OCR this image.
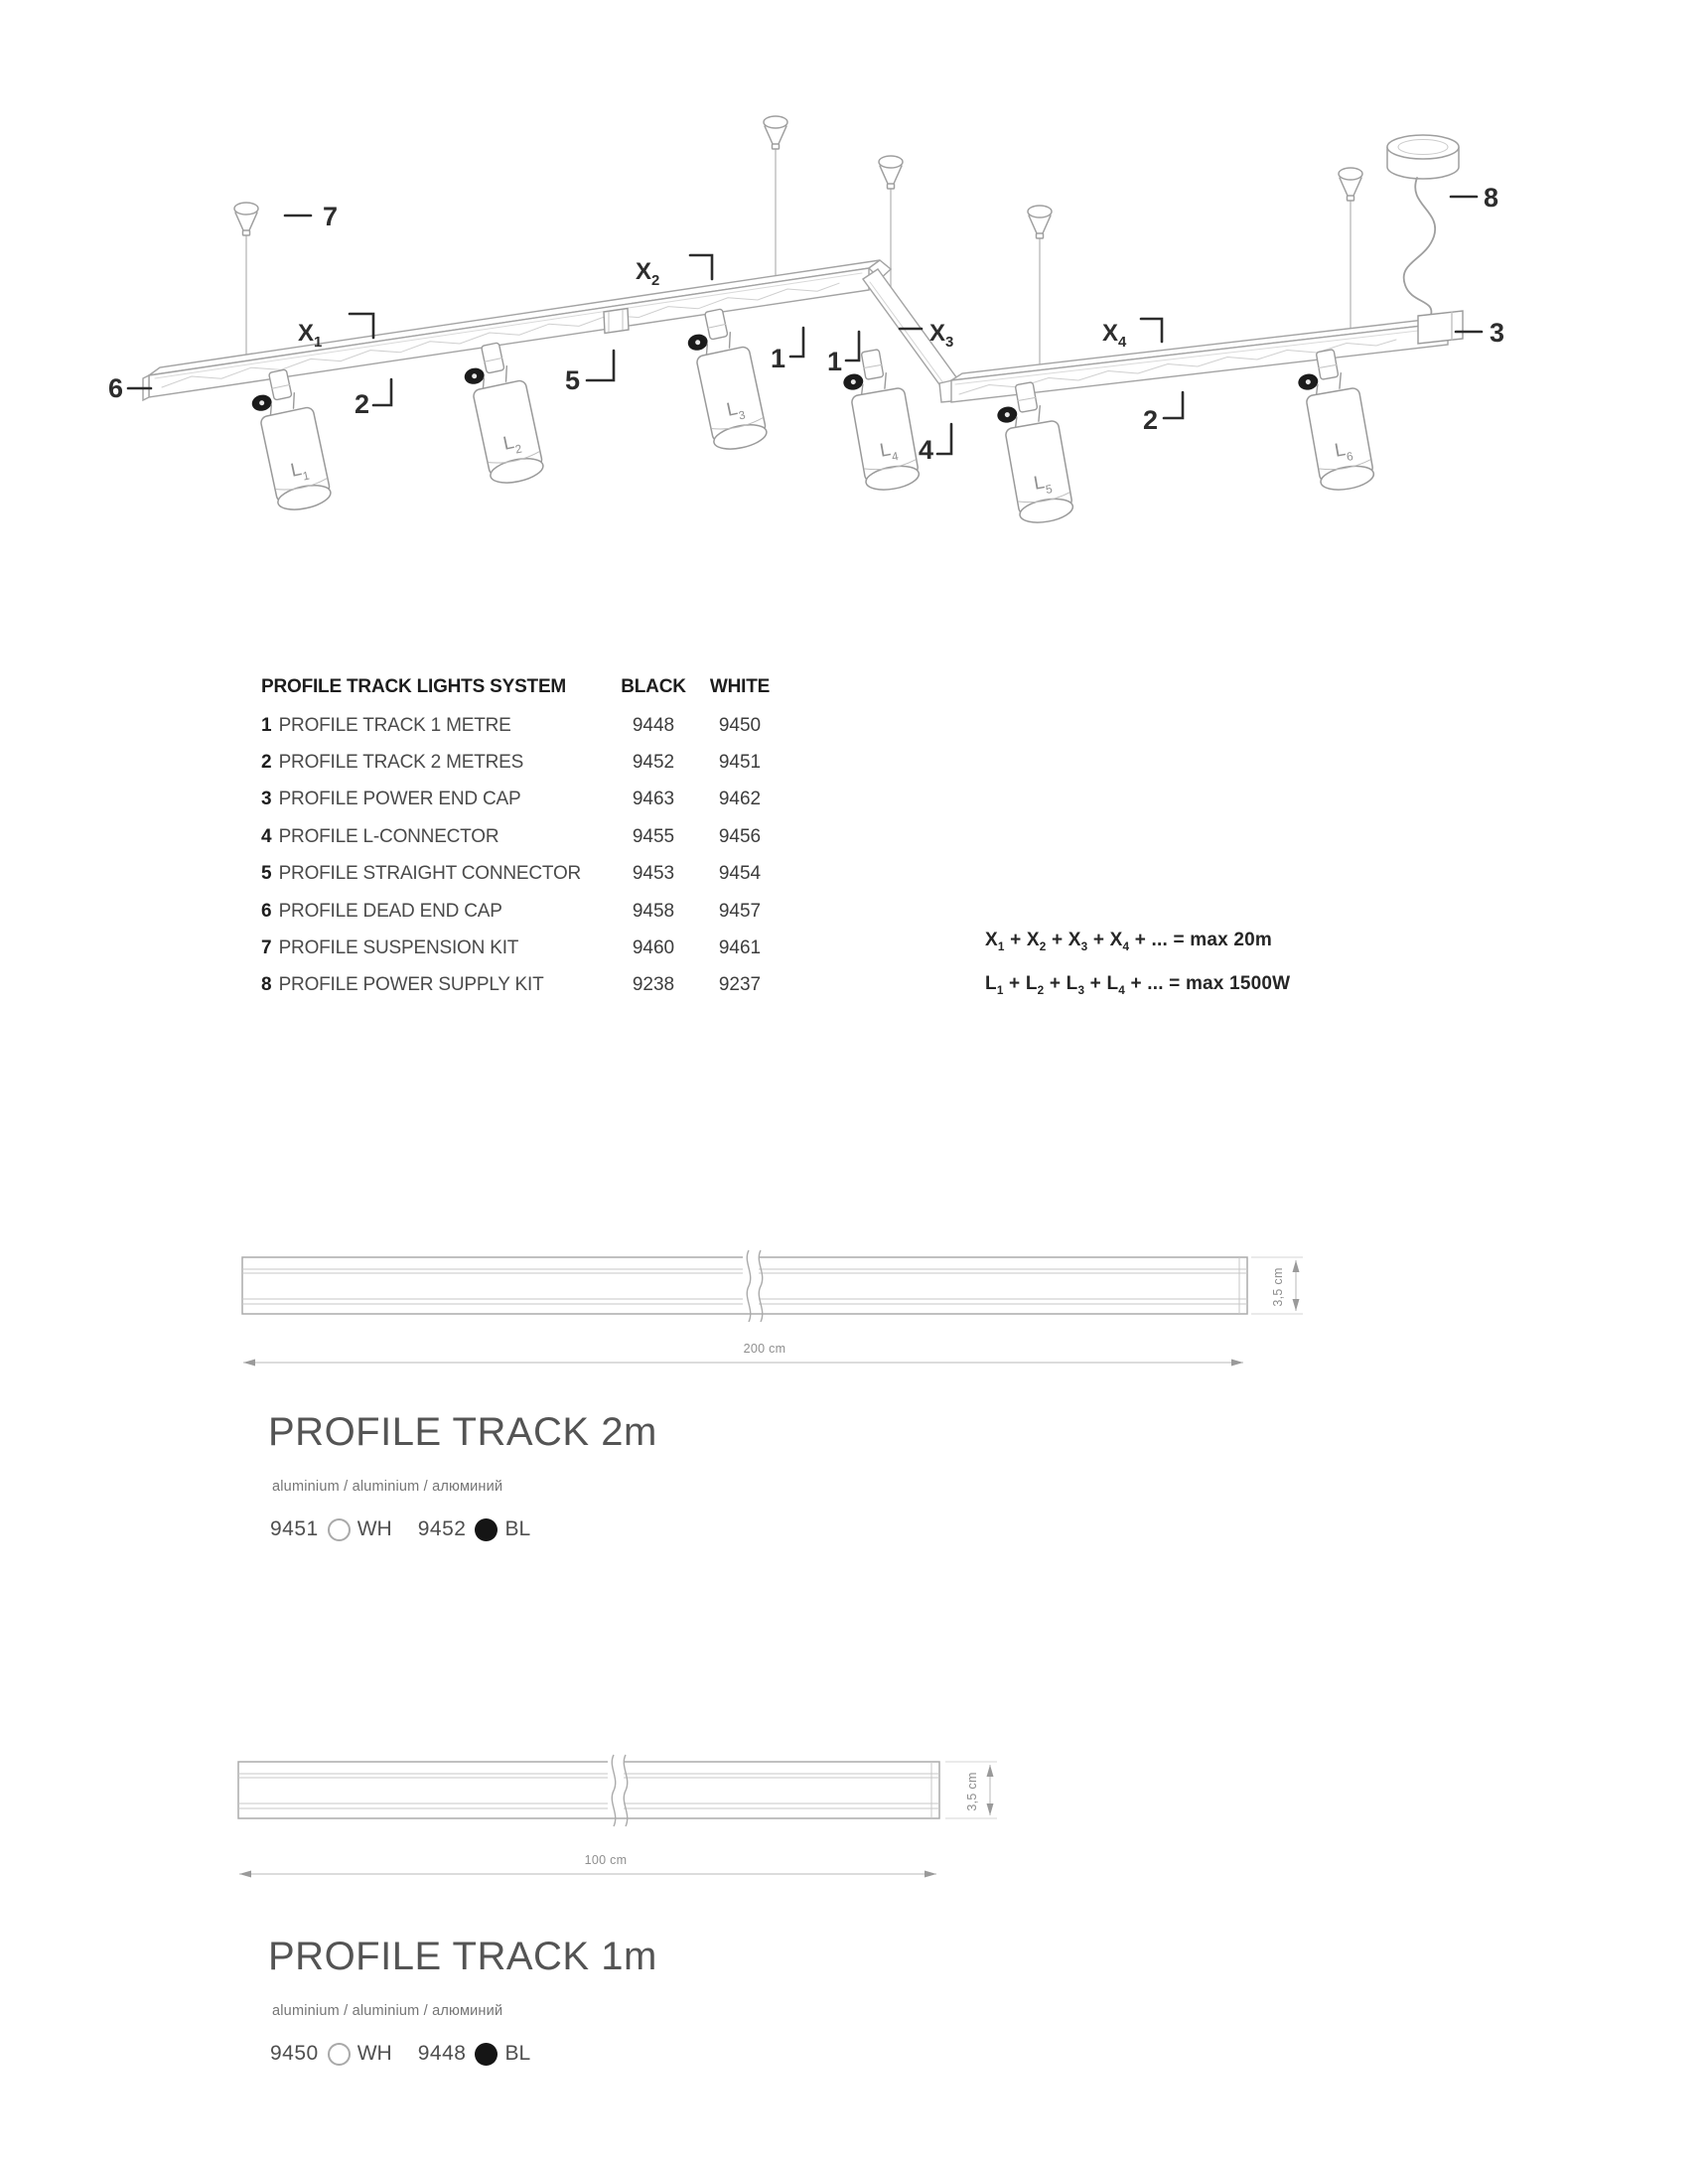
$L_1$
$L_2$
$L_3$
$L_4$
$L_5$
$L_6$
6
7
$X_1$
2
5
$X_2$
1 1
$X_3$
4
$X_4$
2
3
8
200 cm
3,5 cm
100 cm
3,5 cm
PROFILE TRACK LIGHTS SYSTEM	BLACK	WHITE
1 PROFILE TRACK 1 METRE	9448	9450
2 PROFILE TRACK 2 METRES	9452	9451
3 PROFILE POWER END CAP	9463	9462
4 PROFILE L-CONNECTOR	9455	9456
5 PROFILE STRAIGHT CONNECTOR	9453	9454
6 PROFILE DEAD END CAP	9458	9457
7 PROFILE SUSPENSION KIT	9460	9461
8 PROFILE POWER SUPPLY KIT	9238	9237
$X_1 + X_2 + X_3 + X_4$ + ... = max 20m
$L_1 + L_2 + L_3 + L_4$ + ... = max 1500W
PROFILE TRACK 2m
aluminium / aluminium / алюминий
9451 WH 9452 BL
PROFILE TRACK 1m
aluminium / aluminium / алюминий
9450 WH 9448 BL
